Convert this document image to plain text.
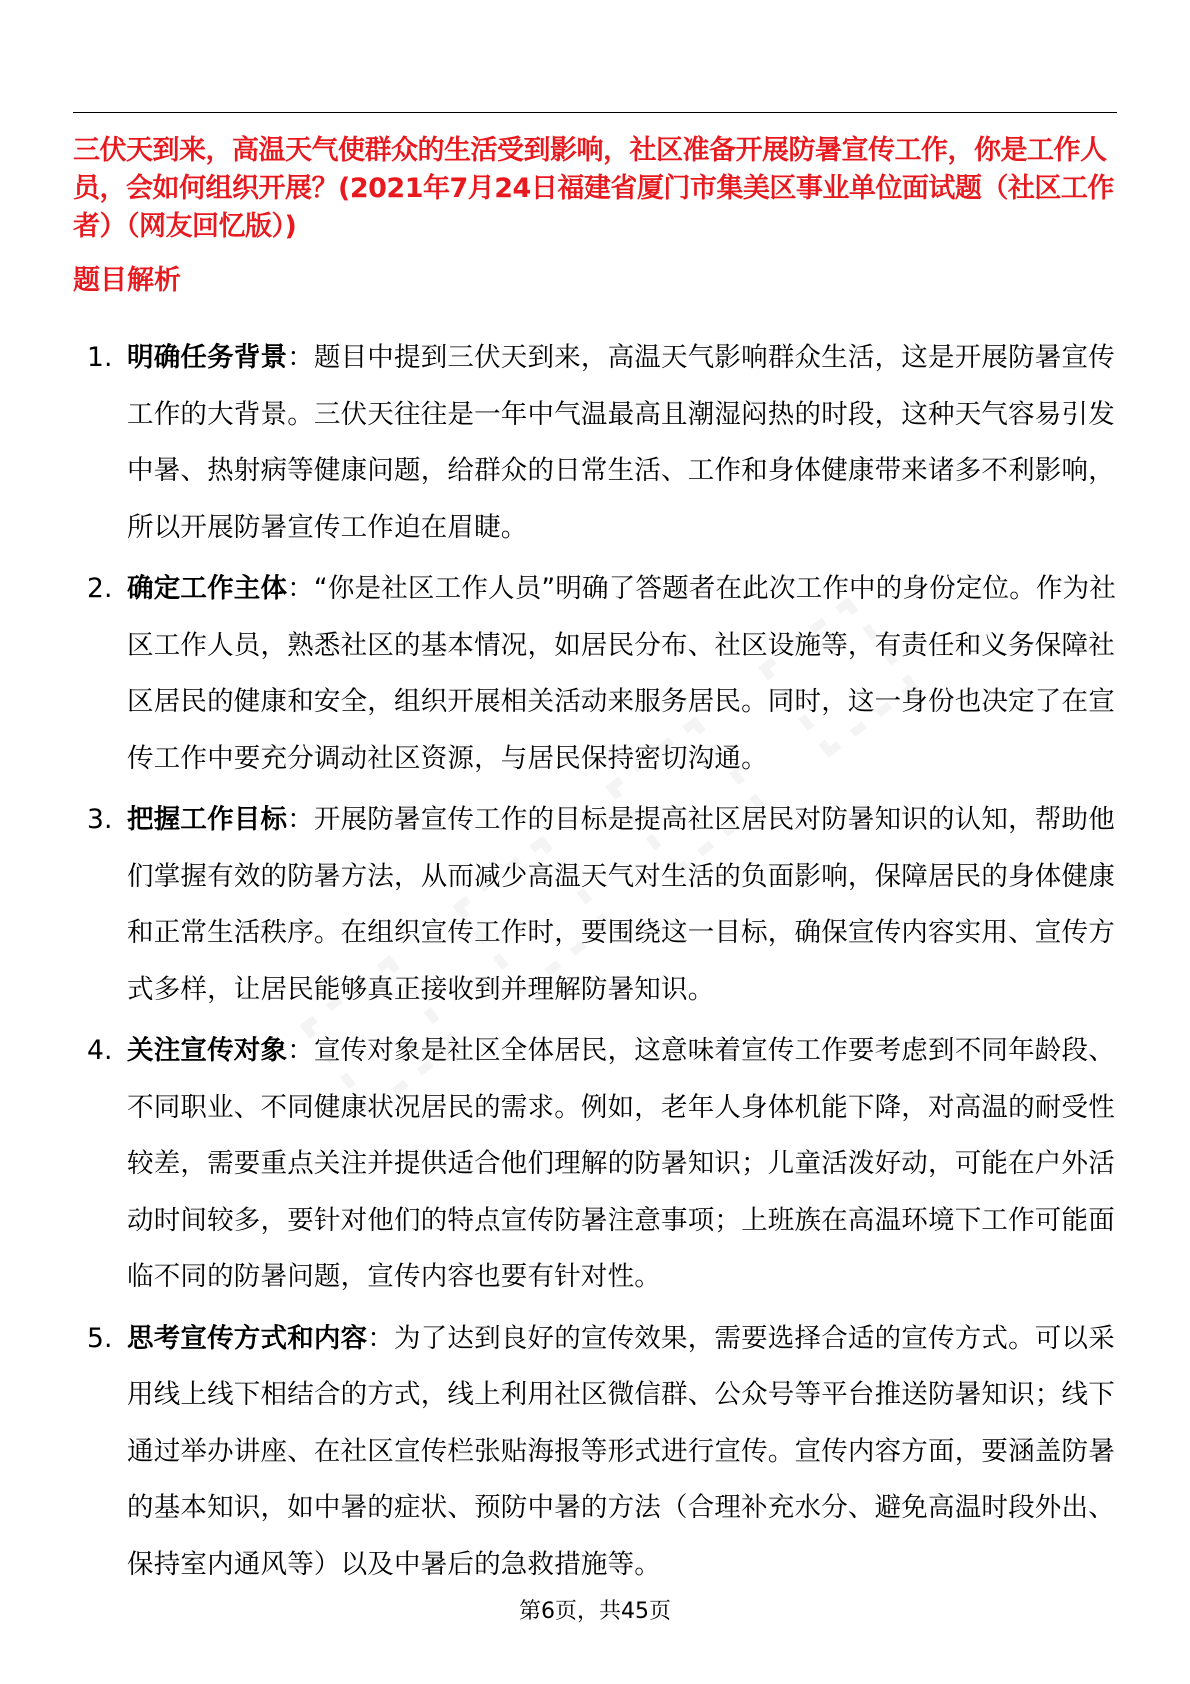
三伏天到来，高温天气使群众的生活受到影响，社区准备开展防暑宣传工作，你是工作人员，会如何组织开展？(2021年7月24日福建省厦门市集美区事业单位面试题（社区工作者）（网友回忆版）)
题目解析
1. 明确任务背景：题目中提到三伏天到来，高温天气影响群众生活，这是开展防暑宣传工作的大背景。三伏天往往是一年中气温最高且潮湿闷热的时段，这种天气容易引发中暑、热射病等健康问题，给群众的日常生活、工作和身体健康带来诸多不利影响，所以开展防暑宣传工作迫在眉睫。
2. 确定工作主体：“你是社区工作人员”明确了答题者在此次工作中的身份定位。作为社区工作人员，熟悉社区的基本情况，如居民分布、社区设施等，有责任和义务保障社区居民的健康和安全，组织开展相关活动来服务居民。同时，这一身份也决定了在宣传工作中要充分调动社区资源，与居民保持密切沟通。
3. 把握工作目标：开展防暑宣传工作的目标是提高社区居民对防暑知识的认知，帮助他们掌握有效的防暑方法，从而减少高温天气对生活的负面影响，保障居民的身体健康和正常生活秩序。在组织宣传工作时，要围绕这一目标，确保宣传内容实用、宣传方式多样，让居民能够真正接收到并理解防暑知识。
4. 关注宣传对象：宣传对象是社区全体居民，这意味着宣传工作要考虑到不同年龄段、不同职业、不同健康状况居民的需求。例如，老年人身体机能下降，对高温的耐受性较差，需要重点关注并提供适合他们理解的防暑知识；儿童活泼好动，可能在户外活动时间较多，要针对他们的特点宣传防暑注意事项；上班族在高温环境下工作可能面临不同的防暑问题，宣传内容也要有针对性。
5. 思考宣传方式和内容：为了达到良好的宣传效果，需要选择合适的宣传方式。可以采用线上线下相结合的方式，线上利用社区微信群、公众号等平台推送防暑知识；线下通过举办讲座、在社区宣传栏张贴海报等形式进行宣传。宣传内容方面，要涵盖防暑的基本知识，如中暑的症状、预防中暑的方法（合理补充水分、避免高温时段外出、保持室内通风等）以及中暑后的急救措施等。
第6页，共45页
